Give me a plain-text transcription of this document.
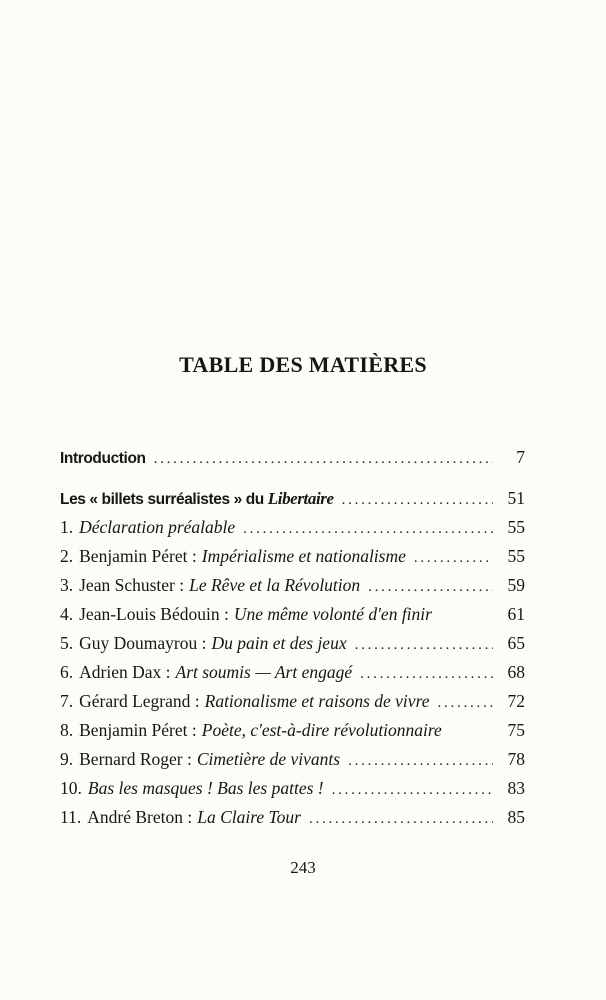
TABLE DES MATIÈRES
Introduction . . .	7
Les « billets surréalistes » du Libertaire . . .	51
1. Déclaration préalable . . .	55
2. Benjamin Péret : Impérialisme et nationalisme . . .	55
3. Jean Schuster : Le Rêve et la Révolution . . .	59
4. Jean-Louis Bédouin : Une même volonté d'en finir	61
5. Guy Doumayrou : Du pain et des jeux . . .	65
6. Adrien Dax : Art soumis — Art engagé . . .	68
7. Gérard Legrand : Rationalisme et raisons de vivre . . .	72
8. Benjamin Péret : Poète, c'est-à-dire révolutionnaire	75
9. Bernard Roger : Cimetière de vivants . . .	78
10. Bas les masques ! Bas les pattes ! . . .	83
11. André Breton : La Claire Tour . . .	85
243
